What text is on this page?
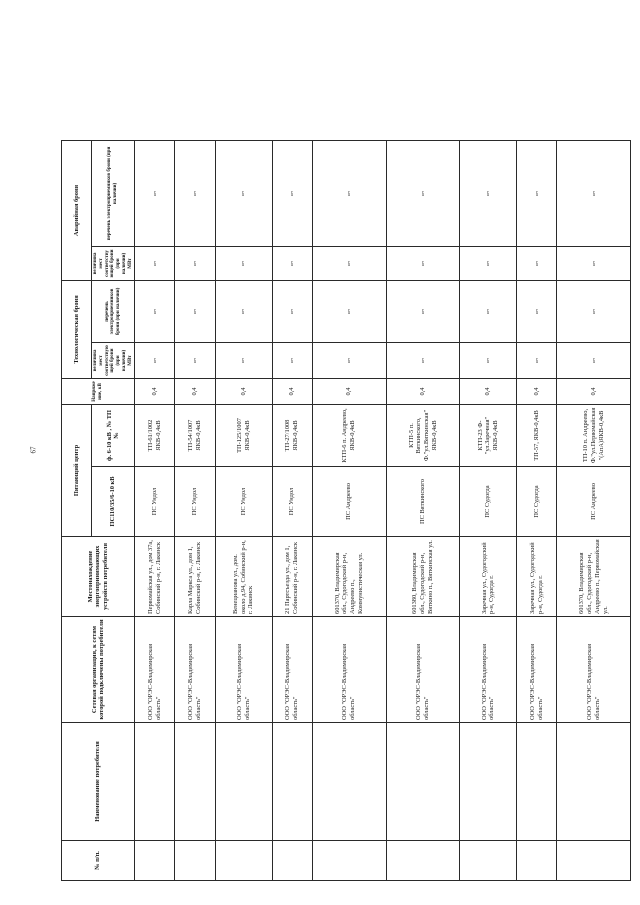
67
№ п/п.	Наименование потребителя	Сетевая организация, к сетям которой подключены потребители	Местонахождение энергопринимающих устройств потребителя	Питающий центр		Напряжение, кВ	Технологическая броня		Аварийная броня	
				ПС110/35/6-10 кВ	ф. 6-10 кВ , № ТП №		величина мест соответствующей брони (при наличии) МВт	перечень электроприемников брони (при наличии)	величина мест соответствующей брони (при наличии) МВт	перечень электроприемников брони (при наличии)

		ООО "ОРЭС-Владимирская область"	Первомайская ул., дом 37а, Собинский р-н, г. Лакинск	ПС Ундол	ТП-61/1002 ЯКВ-0,4кВ	0,4	нет	нет	нет	нет
		ООО "ОРЭС-Владимирская область"	Карла Маркса ул., дом 1, Собинский р-н, г. Лакинск	ПС Ундол	ТП-54/1007 ЯКВ-0,4кВ	0,4	нет	нет	нет	нет
		ООО "ОРЭС-Владимирская область"	Венецианова ул., дом. около д.94, Собинский р-н, г. Лакинск	ПС Ундол	ТП-125/1007 ЯКВ-0,4кВ	0,4	нет	нет	нет	нет
		ООО "ОРЭС-Владимирская область"	21 Партсъезда ул., дом 1, Собинский р-н, г. Лакинск	ПС Ундол	ТП-27/1008 ЯКВ-0,4кВ	0,4	нет	нет	нет	нет
		ООО "ОРЭС-Владимирская область"	601370, Владимирская обл., Судогодский р-н, Андреево п., Коммунистическая ул.	ПС Андреево	КТП-6 п. Андреево, ЯКВ-0,4кВ	0,4	нет	нет	нет	нет
		ООО "ОРЭС-Владимирская область"	601380, Владимирская обл., Судогодский р-н, Вяткино п., Вяткинская ул.	ПС Вяткинского	КТП-5 п. Вяткинского, Ф."ул.Вяткинская" ЯКВ-0,4кВ	0,4	нет	нет	нет	нет
		ООО "ОРЭС-Владимирская область"	Заречная ул., Судогодский р-н, Судогда г.	ПС Судогда	КТП-23 Ф-"ул.Заречная" ЯКВ-0,4кВ	0,4	нет	нет	нет	нет
		ООО "ОРЭС-Владимирская область"	Заречная ул., Судогодский р-н, Судогда г.	ПС Судогда	ТП-57, ЯКВ-0,4кВ	0,4	нет	нет	нет	нет
		ООО "ОРЭС-Владимирская область"	601370, Владимирская обл., Судогодский р-н, Андреево п., Первомайская ул.	ПС Андреево	ТП-10 п. Андреево, Ф."ул.Первомайская"(АпА)ЯКВ-0,4кВ	0,4	нет	нет	нет	нет
